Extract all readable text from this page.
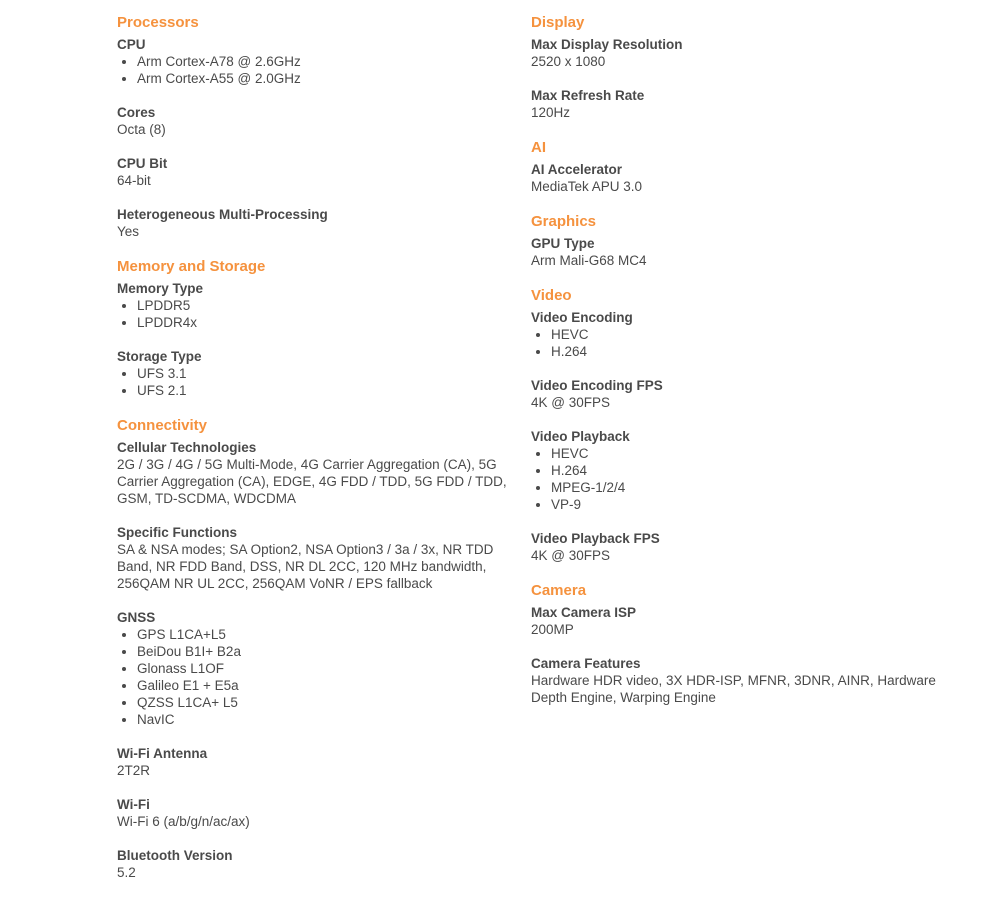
Processors

CPU

• Arm Cortex-A78 @ 2.6GHz
• Arm Cortex-A55 @ 2.0GHz

Cores

Octa (8)

CPU Bit

64-bit

Heterogeneous Multi-Processing

Yes

Memory and Storage

Memory Type

• LPDDR5
• LPDDR4x

Storage Type

• UFS 3.1
• UFS 2.1
Connectivity

Cellular Technologies

2G / 3G / 4G / 5G Multi-Mode, 4G Carrier Aggregation (CA), 5G Carrier Aggregation (CA), EDGE, 4G FDD / TDD, 5G FDD / TDD, GSM, TD-SCDMA, WDCDMA

Specific Functions

SA & NSA modes; SA Option2, NSA Option3 / 3a / 3x, NR TDD Band, NR FDD Band, DSS, NR DL 2CC, 120 MHz bandwidth, 256QAM NR UL 2CC, 256QAM VoNR / EPS fallback

GNSS

• GPS L1CA+L5
• BeiDou B1I+ B2a
• Glonass L1OF
• Galileo E1 + E5a
• QZSS L1CA+ L5
• NavIC

Wi-Fi Antenna

2T2R

Wi-Fi

Wi-Fi 6 (a/b/g/n/ac/ax)

Bluetooth Version

5.2

Display

Max Display Resolution

2520 x 1080

Max Refresh Rate

120Hz

AI

AI Accelerator

MediaTek APU 3.0

Graphics

GPU Type

Arm Mali-G68 MC4

Video

Video Encoding

• HEVC
• H.264

Video Encoding FPS

4K @ 30FPS

Video Playback

• HEVC
• H.264
• MPEG-1/2/4
• VP-9

Video Playback FPS

4K @ 30FPS

Camera

Max Camera ISP

200MP

Camera Features

Hardware HDR video, 3X HDR-ISP, MFNR, 3DNR, AINR, Hardware Depth Engine, Warping Engine
